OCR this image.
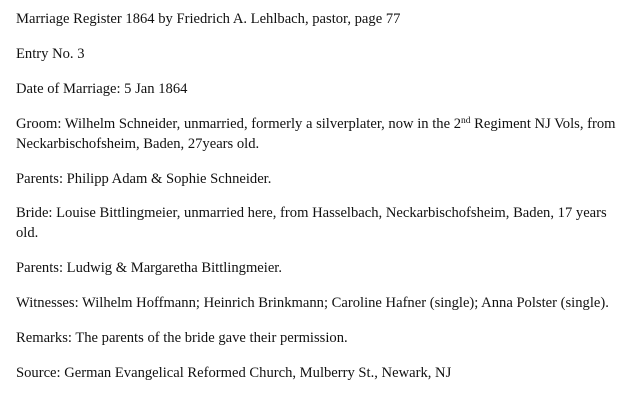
Marriage Register 1864 by Friedrich A. Lehlbach, pastor, page 77

Entry No. 3

Date of Marriage: 5 Jan 1864

Groom: Wilhelm Schneider, unmarried, formerly a silverplater, now in the 2nd Regiment NJ Vols, from Neckarbischofsheim, Baden, 27years old.

Parents: Philipp Adam & Sophie Schneider.

Bride: Louise Bittlingmeier, unmarried here, from Hasselbach, Neckarbischofsheim, Baden, 17 years old.

Parents: Ludwig & Margaretha Bittlingmeier.

Witnesses: Wilhelm Hoffmann; Heinrich Brinkmann; Caroline Hafner (single); Anna Polster (single).

Remarks: The parents of the bride gave their permission.

Source: German Evangelical Reformed Church, Mulberry St., Newark, NJ
